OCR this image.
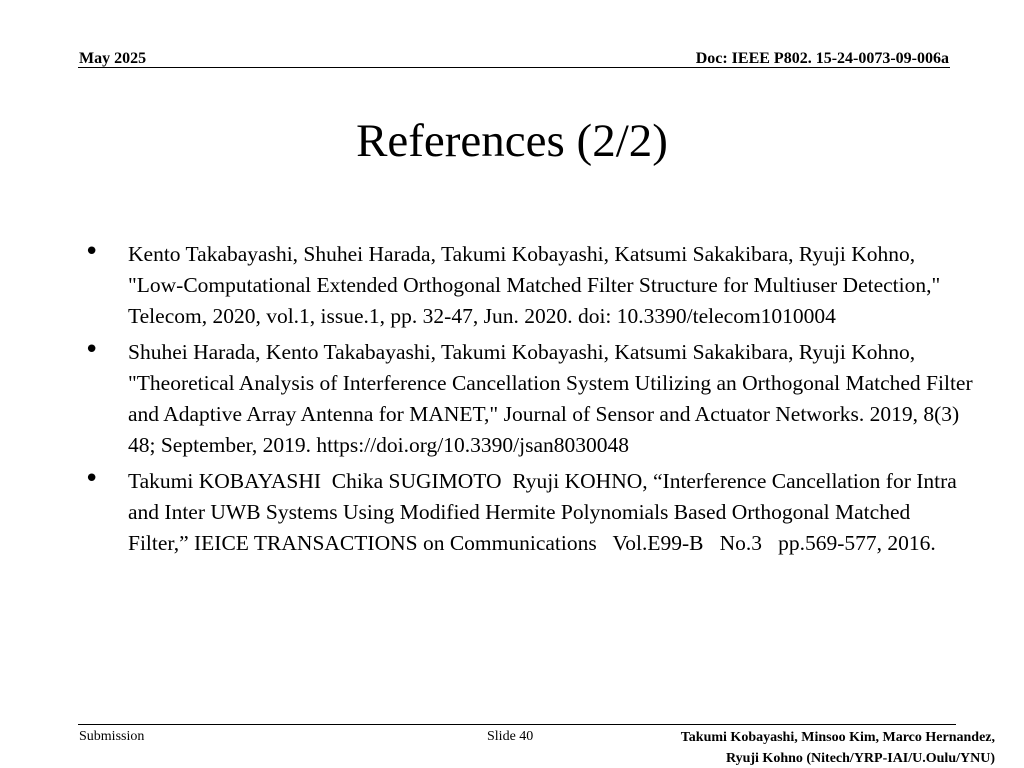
May 2025	Doc: IEEE P802. 15-24-0073-09-006a
References (2/2)
• Kento Takabayashi, Shuhei Harada, Takumi Kobayashi, Katsumi Sakakibara, Ryuji Kohno, "Low-Computational Extended Orthogonal Matched Filter Structure for Multiuser Detection," Telecom, 2020, vol.1, issue.1, pp. 32-47, Jun. 2020. doi: 10.3390/telecom1010004
• Shuhei Harada, Kento Takabayashi, Takumi Kobayashi, Katsumi Sakakibara, Ryuji Kohno, "Theoretical Analysis of Interference Cancellation System Utilizing an Orthogonal Matched Filter and Adaptive Array Antenna for MANET," Journal of Sensor and Actuator Networks. 2019, 8(3) 48; September, 2019. https://doi.org/10.3390/jsan8030048
• Takumi KOBAYASHI  Chika SUGIMOTO  Ryuji KOHNO, “Interference Cancellation for Intra and Inter UWB Systems Using Modified Hermite Polynomials Based Orthogonal Matched Filter,” IEICE TRANSACTIONS on Communications   Vol.E99-B   No.3   pp.569-577, 2016.
Submission	Slide 40	Takumi Kobayashi, Minsoo Kim, Marco Hernandez,
Ryuji Kohno (Nitech/YRP-IAI/U.Oulu/YNU)
